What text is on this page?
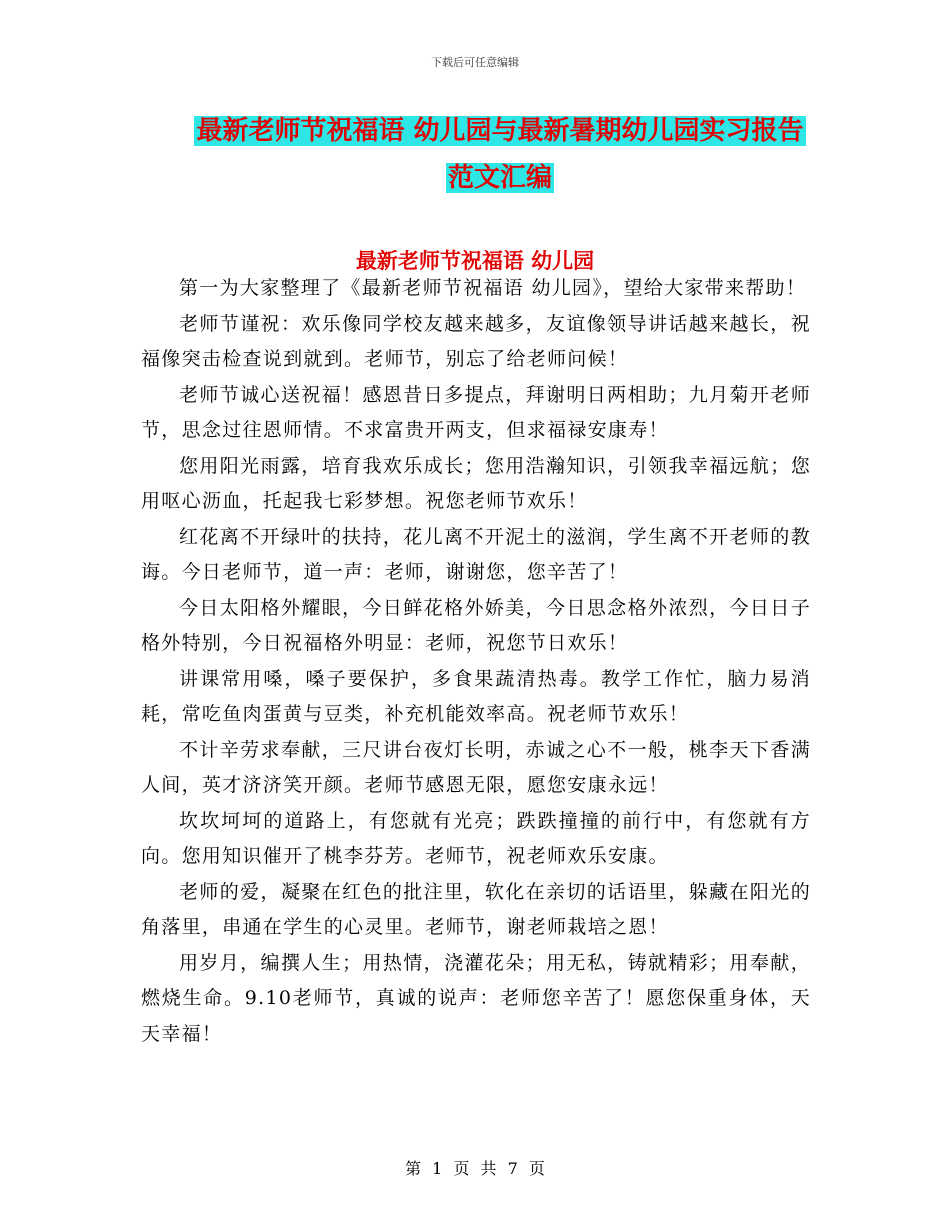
下载后可任意编辑
最新老师节祝福语 幼儿园与最新暑期幼儿园实习报告
范文汇编
最新老师节祝福语 幼儿园

第一为大家整理了《最新老师节祝福语 幼儿园》，望给大家带来帮助！

老师节谨祝：欢乐像同学校友越来越多，友谊像领导讲话越来越长，祝福像突击检查说到就到。老师节，别忘了给老师问候！

老师节诚心送祝福！感恩昔日多提点，拜谢明日两相助；九月菊开老师节，思念过往恩师情。不求富贵开两支，但求福禄安康寿！

您用阳光雨露，培育我欢乐成长；您用浩瀚知识，引领我幸福远航；您用呕心沥血，托起我七彩梦想。祝您老师节欢乐！

红花离不开绿叶的扶持，花儿离不开泥土的滋润，学生离不开老师的教诲。今日老师节，道一声：老师，谢谢您，您辛苦了！

今日太阳格外耀眼，今日鲜花格外娇美，今日思念格外浓烈，今日日子格外特别，今日祝福格外明显：老师，祝您节日欢乐！

讲课常用嗓，嗓子要保护，多食果蔬清热毒。教学工作忙，脑力易消耗，常吃鱼肉蛋黄与豆类，补充机能效率高。祝老师节欢乐！

不计辛劳求奉献，三尺讲台夜灯长明，赤诚之心不一般，桃李天下香满人间，英才济济笑开颜。老师节感恩无限，愿您安康永远！

坎坎坷坷的道路上，有您就有光亮；跌跌撞撞的前行中，有您就有方向。您用知识催开了桃李芬芳。老师节，祝老师欢乐安康。

老师的爱，凝聚在红色的批注里，软化在亲切的话语里，躲藏在阳光的角落里，串通在学生的心灵里。老师节，谢老师栽培之恩！

用岁月，编撰人生；用热情，浇灌花朵；用无私，铸就精彩；用奉献，燃烧生命。9.10老师节，真诚的说声：老师您辛苦了！愿您保重身体，天天幸福！

第 1 页 共 7 页
